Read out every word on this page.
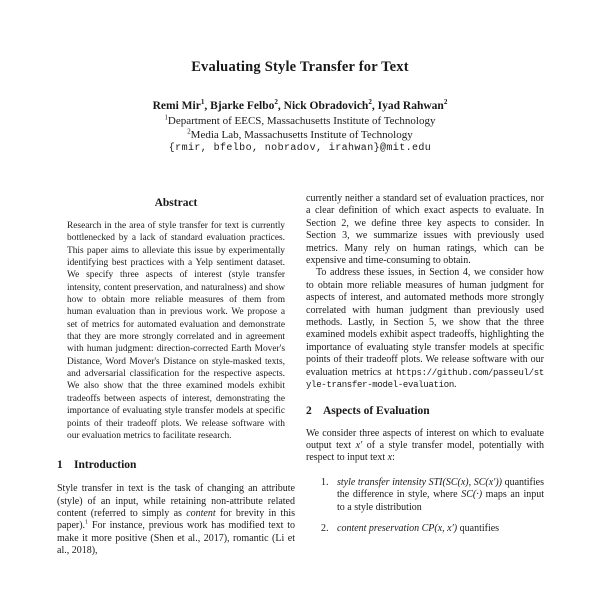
Evaluating Style Transfer for Text
Remi Mir$^1$, Bjarke Felbo$^2$, Nick Obradovich$^2$, Iyad Rahwan$^2$
$^1$Department of EECS, Massachusetts Institute of Technology
$^2$Media Lab, Massachusetts Institute of Technology
{rmir, bfelbo, nobradov, irahwan}@mit.edu
Abstract

Research in the area of style transfer for text is currently bottlenecked by a lack of standard evaluation practices. This paper aims to alleviate this issue by experimentally identifying best practices with a Yelp sentiment dataset. We specify three aspects of interest (style transfer intensity, content preservation, and naturalness) and show how to obtain more reliable measures of them from human evaluation than in previous work. We propose a set of metrics for automated evaluation and demonstrate that they are more strongly correlated and in agreement with human judgment: direction-corrected Earth Mover's Distance, Word Mover's Distance on style-masked texts, and adversarial classification for the respective aspects. We also show that the three examined models exhibit tradeoffs between aspects of interest, demonstrating the importance of evaluating style transfer models at specific points of their tradeoff plots. We release software with our evaluation metrics to facilitate research.

1 Introduction

Style transfer in text is the task of changing an attribute (style) of an input, while retaining non-attribute related content (referred to simply as content for brevity in this paper).$^1$ For instance, previous work has modified text to make it more positive (Shen et al., 2017), romantic (Li et al., 2018),

currently neither a standard set of evaluation practices, nor a clear definition of which exact aspects to evaluate. In Section 2, we define three key aspects to consider. In Section 3, we summarize issues with previously used metrics. Many rely on human ratings, which can be expensive and time-consuming to obtain.

To address these issues, in Section 4, we consider how to obtain more reliable measures of human judgment for aspects of interest, and automated methods more strongly correlated with human judgment than previously used methods. Lastly, in Section 5, we show that the three examined models exhibit aspect tradeoffs, highlighting the importance of evaluating style transfer models at specific points of their tradeoff plots. We release software with our evaluation metrics at https://github.com/passeul/style-transfer-model-evaluation.

2 Aspects of Evaluation

We consider three aspects of interest on which to evaluate output text x′ of a style transfer model, potentially with respect to input text x:

1. style transfer intensity STI(SC(x), SC(x′)) quantifies the difference in style, where SC(·) maps an input to a style distribution
2. content preservation CP(x, x′) quantifies
